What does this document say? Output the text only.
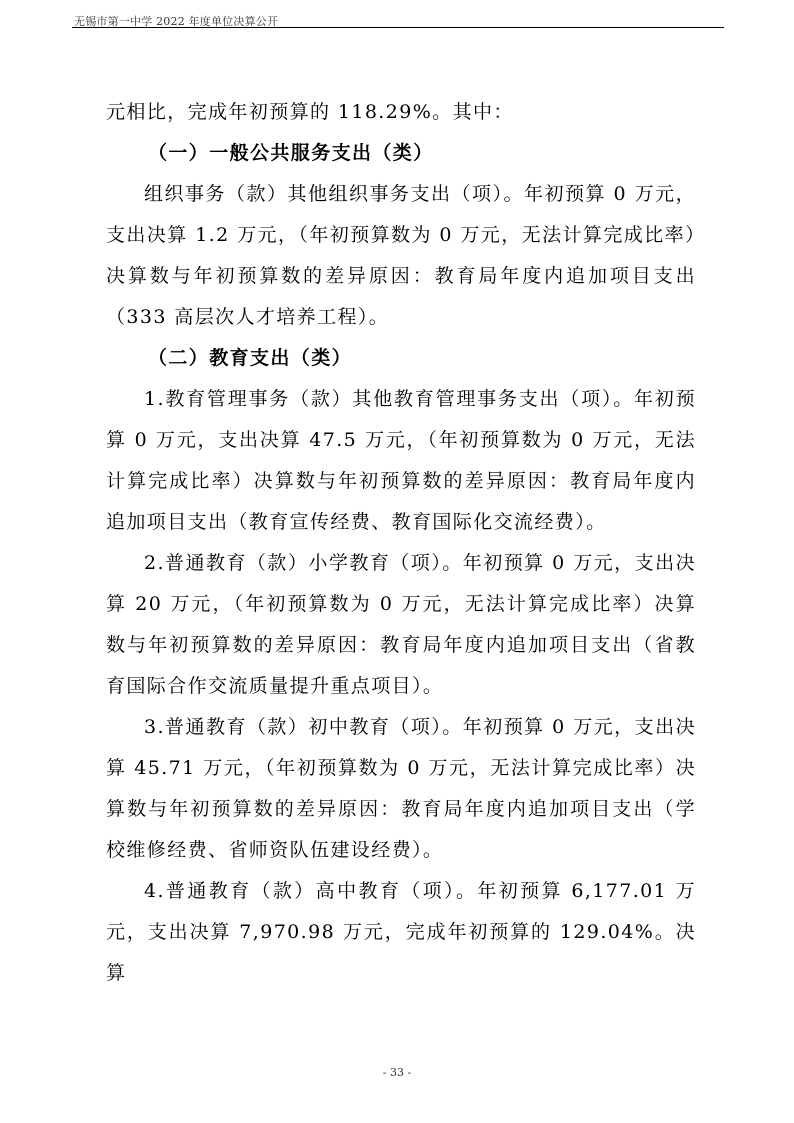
无锡市第一中学 2022 年度单位决算公开

元相比，完成年初预算的 118.29%。其中：

（一）一般公共服务支出（类）

组织事务（款）其他组织事务支出（项）。年初预算 0 万元，支出决算 1.2 万元，（年初预算数为 0 万元，无法计算完成比率）决算数与年初预算数的差异原因：教育局年度内追加项目支出（333 高层次人才培养工程）。

（二）教育支出（类）

1.教育管理事务（款）其他教育管理事务支出（项）。年初预算 0 万元，支出决算 47.5 万元，（年初预算数为 0 万元，无法计算完成比率）决算数与年初预算数的差异原因：教育局年度内追加项目支出（教育宣传经费、教育国际化交流经费）。

2.普通教育（款）小学教育（项）。年初预算 0 万元，支出决算 20 万元，（年初预算数为 0 万元，无法计算完成比率）决算数与年初预算数的差异原因：教育局年度内追加项目支出（省教育国际合作交流质量提升重点项目）。

3.普通教育（款）初中教育（项）。年初预算 0 万元，支出决算 45.71 万元，（年初预算数为 0 万元，无法计算完成比率）决算数与年初预算数的差异原因：教育局年度内追加项目支出（学校维修经费、省师资队伍建设经费）。

4.普通教育（款）高中教育（项）。年初预算 6,177.01 万元，支出决算 7,970.98 万元，完成年初预算的 129.04%。决算

- 33 -
